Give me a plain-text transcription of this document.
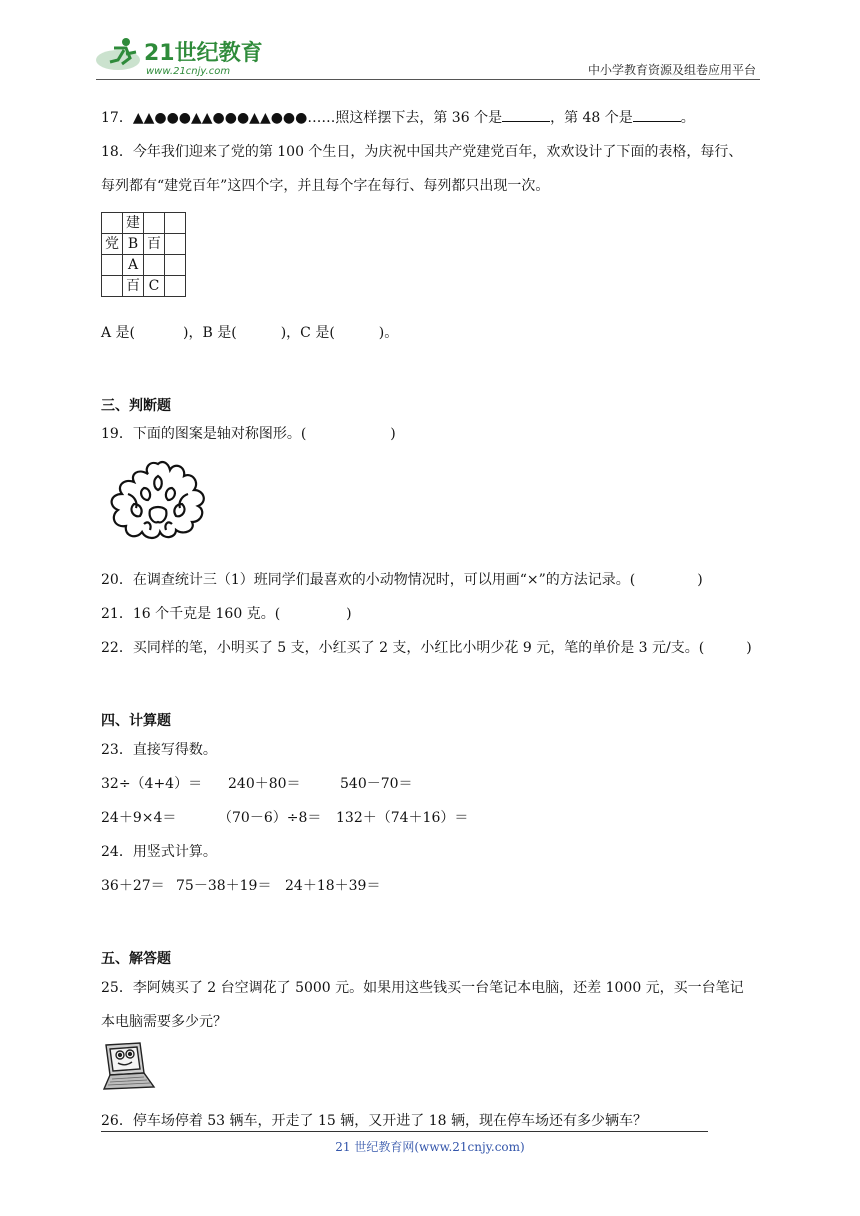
21世纪教育
www.21cnjy.com	中小学教育资源及组卷应用平台
17．▲▲●●●▲▲●●●▲▲●●●……照这样摆下去，第 36 个是	，第 48 个是	。
18．今年我们迎来了党的第 100 个生日，为庆祝中国共产党建党百年，欢欢设计了下面的表格，每行、
每列都有“建党百年”这四个字，并且每个字在每行、每列都只出现一次。
	建		
党	B	百	
	A		
	百	C	
A 是(	)，B 是(	)，C 是(	)。
三、判断题
19．下面的图案是轴对称图形。(	)
20．在调查统计三（1）班同学们最喜欢的小动物情况时，可以用画“×”的方法记录。(	)
21．16 个千克是 160 克。(	)
22．买同样的笔，小明买了 5 支，小红买了 2 支，小红比小明少花 9 元，笔的单价是 3 元/支。(	)
四、计算题
23．直接写得数。
32÷（4+4）＝ 240＋80＝	540－70＝
24＋9×4＝	（70－6）÷8＝ 132＋（74＋16）＝
24．用竖式计算。
36＋27＝ 75－38＋19＝ 24＋18＋39＝
五、解答题
25．李阿姨买了 2 台空调花了 5000 元。如果用这些钱买一台笔记本电脑，还差 1000 元，买一台笔记
本电脑需要多少元？
26．停车场停着 53 辆车，开走了 15 辆，又开进了 18 辆，现在停车场还有多少辆车？
21 世纪教育网(www.21cnjy.com)
